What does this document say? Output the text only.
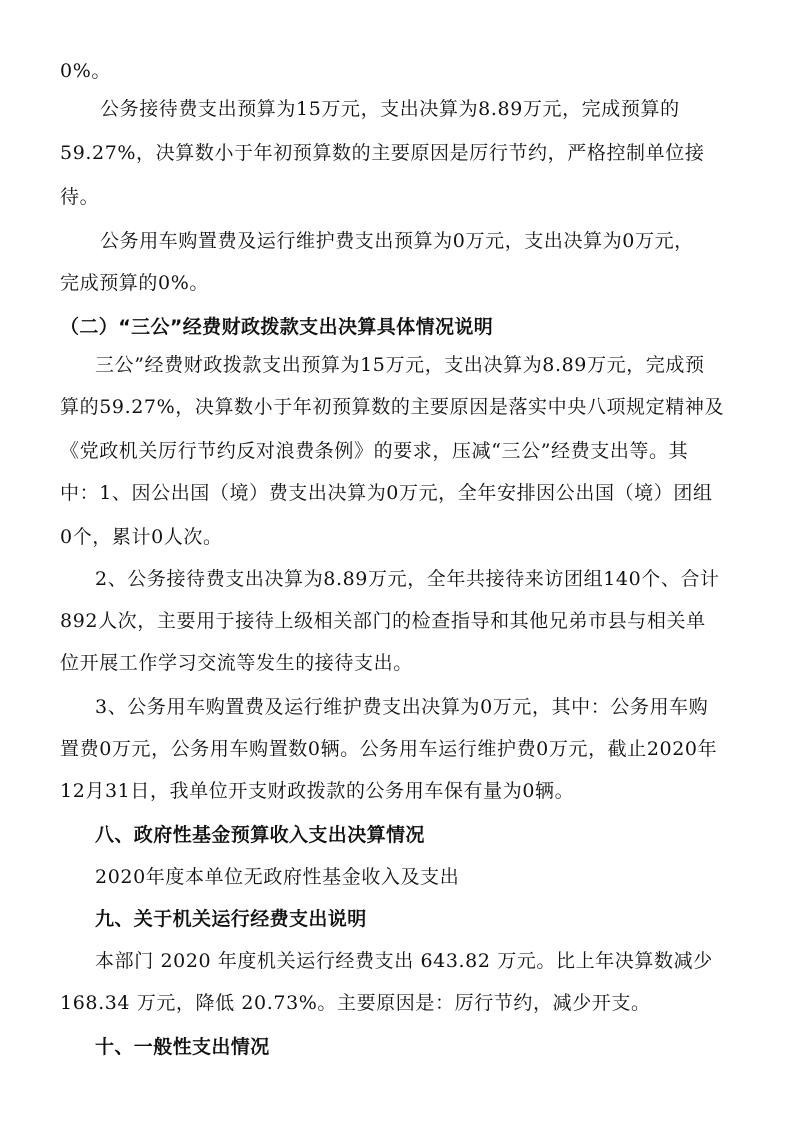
0%。
公务接待费支出预算为15万元，支出决算为8.89万元，完成预算的
59.27%，决算数小于年初预算数的主要原因是厉行节约，严格控制单位接
待。
公务用车购置费及运行维护费支出预算为0万元，支出决算为0万元，
完成预算的0%。
（二）“三公”经费财政拨款支出决算具体情况说明
三公”经费财政拨款支出预算为15万元，支出决算为8.89万元，完成预
算的59.27%，决算数小于年初预算数的主要原因是落实中央八项规定精神及
《党政机关厉行节约反对浪费条例》的要求，压减“三公”经费支出等。其
中：1、因公出国（境）费支出决算为0万元，全年安排因公出国（境）团组
0个，累计0人次。
2、公务接待费支出决算为8.89万元，全年共接待来访团组140个、合计
892人次，主要用于接待上级相关部门的检查指导和其他兄弟市县与相关单
位开展工作学习交流等发生的接待支出。
3、公务用车购置费及运行维护费支出决算为0万元，其中：公务用车购
置费0万元，公务用车购置数0辆。公务用车运行维护费0万元，截止2020年
12月31日，我单位开支财政拨款的公务用车保有量为0辆。
八、政府性基金预算收入支出决算情况
2020年度本单位无政府性基金收入及支出
九、关于机关运行经费支出说明
本部门 2020 年度机关运行经费支出 643.82 万元。比上年决算数减少
168.34 万元，降低 20.73%。主要原因是：厉行节约，减少开支。
十、一般性支出情况
